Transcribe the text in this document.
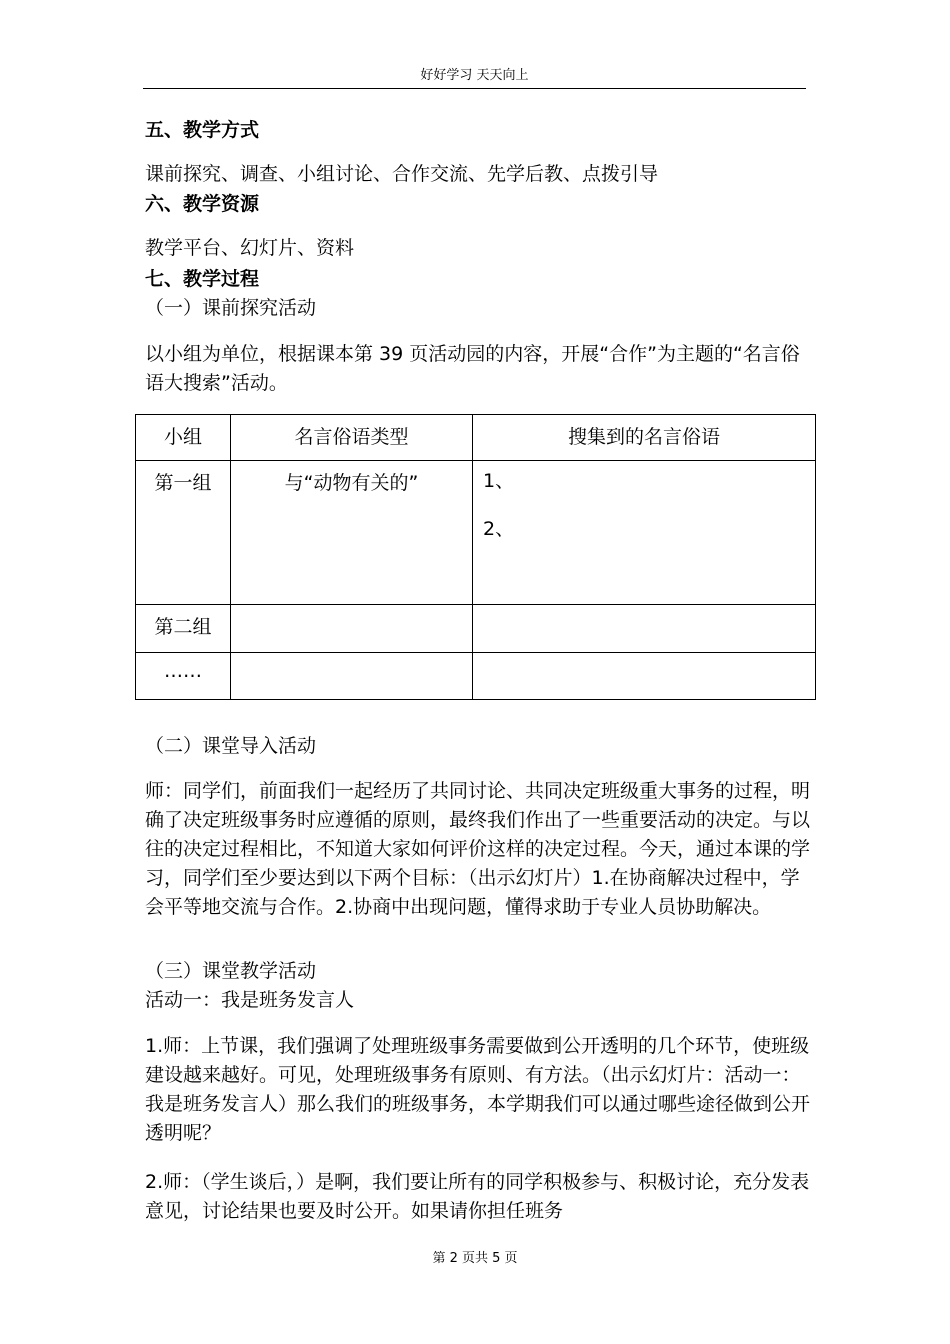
好好学习 天天向上
五、教学方式
课前探究、调查、小组讨论、合作交流、先学后教、点拨引导
六、教学资源
教学平台、幻灯片、资料
七、教学过程
（一）课前探究活动
以小组为单位，根据课本第 39 页活动园的内容，开展“合作”为主题的“名言俗语大搜索”活动。
小组	名言俗语类型	搜集到的名言俗语
第一组	与“动物有关的”	1、
2、

第二组		
……		
（二）课堂导入活动
师：同学们，前面我们一起经历了共同讨论、共同决定班级重大事务的过程，明确了决定班级事务时应遵循的原则，最终我们作出了一些重要活动的决定。与以往的决定过程相比，不知道大家如何评价这样的决定过程。今天，通过本课的学习，同学们至少要达到以下两个目标：（出示幻灯片）1.在协商解决过程中，学会平等地交流与合作。2.协商中出现问题，懂得求助于专业人员协助解决。
（三）课堂教学活动
活动一：我是班务发言人
1.师：上节课，我们强调了处理班级事务需要做到公开透明的几个环节，使班级建设越来越好。可见，处理班级事务有原则、有方法。（出示幻灯片：活动一：我是班务发言人）那么我们的班级事务，本学期我们可以通过哪些途径做到公开透明呢？
2.师：（学生谈后，）是啊，我们要让所有的同学积极参与、积极讨论，充分发表意见，讨论结果也要及时公开。如果请你担任班务
第 2 页共 5 页
